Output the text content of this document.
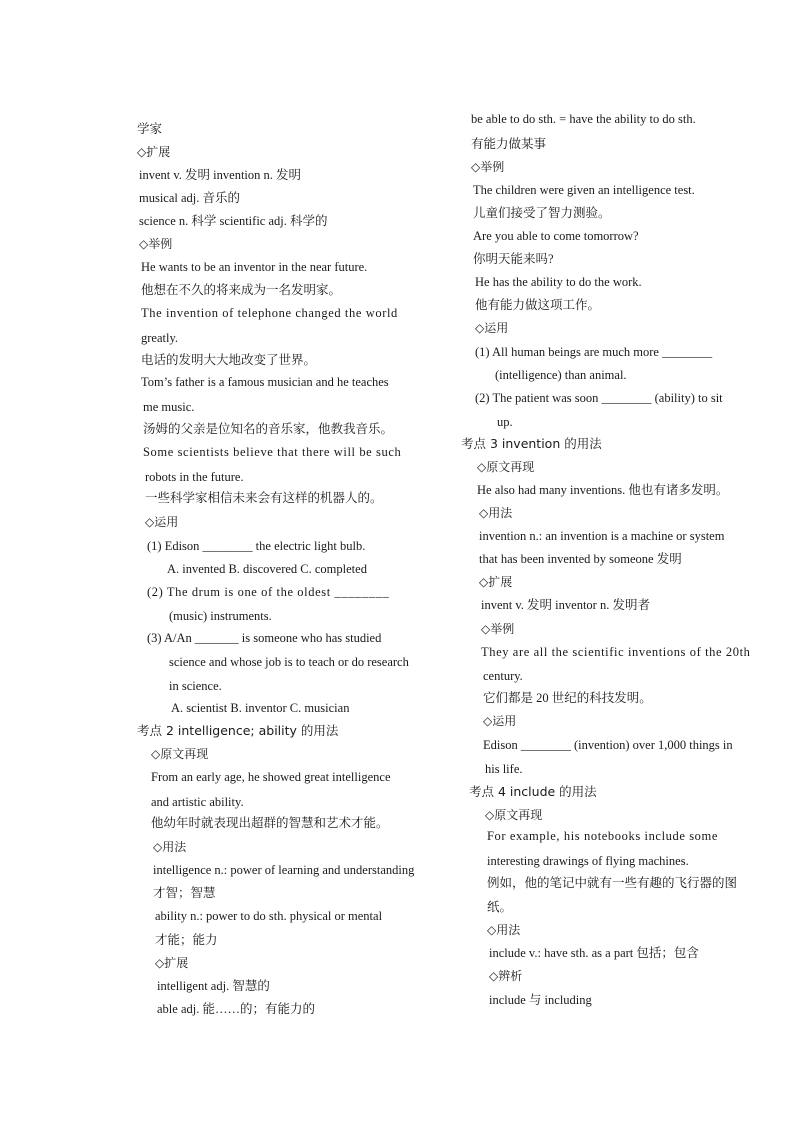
学家
◇扩展
invent v. 发明 invention n. 发明
musical adj. 音乐的
science n. 科学 scientific adj. 科学的
◇举例
He wants to be an inventor in the near future.
他想在不久的将来成为一名发明家。
The invention of telephone changed the world
greatly.
电话的发明大大地改变了世界。
Tom’s father is a famous musician and he teaches
me music.
汤姆的父亲是位知名的音乐家，他教我音乐。
Some scientists believe that there will be such
robots in the future.
一些科学家相信未来会有这样的机器人的。
◇运用
(1) Edison ________ the electric light bulb.
A. invented B. discovered C. completed
(2) The drum is one of the oldest ________
(music) instruments.
(3) A/An _______ is someone who has studied
science and whose job is to teach or do research
in science.
A. scientist B. inventor C. musician
考点 2 intelligence; ability 的用法
◇原文再现
From an early age, he showed great intelligence
and artistic ability.
他幼年时就表现出超群的智慧和艺术才能。
◇用法
intelligence n.: power of learning and understanding
才智；智慧
ability n.: power to do sth. physical or mental
才能；能力
◇扩展
intelligent adj. 智慧的
able adj. 能……的；有能力的
be able to do sth. = have the ability to do sth.
有能力做某事
◇举例
The children were given an intelligence test.
儿童们接受了智力测验。
Are you able to come tomorrow?
你明天能来吗?
He has the ability to do the work.
他有能力做这项工作。
◇运用
(1) All human beings are much more ________
(intelligence) than animal.
(2) The patient was soon ________ (ability) to sit
up.
考点 3 invention 的用法
◇原文再现
He also had many inventions. 他也有诸多发明。
◇用法
invention n.: an invention is a machine or system
that has been invented by someone 发明
◇扩展
invent v. 发明 inventor n. 发明者
◇举例
They are all the scientific inventions of the 20th
century.
它们都是 20 世纪的科技发明。
◇运用
Edison ________ (invention) over 1,000 things in
his life.
考点 4 include 的用法
◇原文再现
For example, his notebooks include some
interesting drawings of flying machines.
例如，他的笔记中就有一些有趣的飞行器的图
纸。
◇用法
include v.: have sth. as a part 包括；包含
◇辨析
include 与 including
